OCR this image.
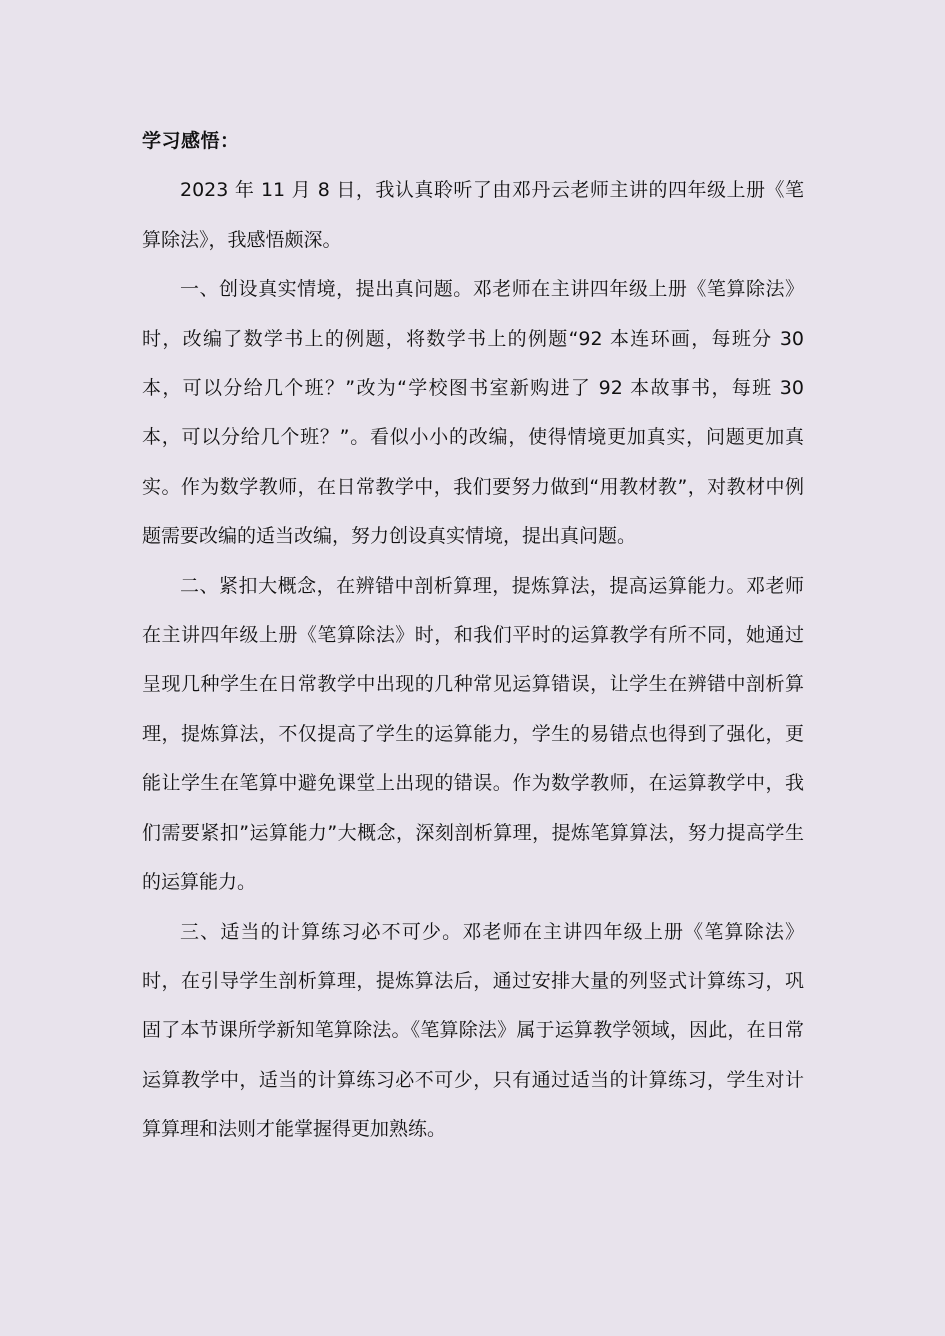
学习感悟：

2023 年 11 月 8 日，我认真聆听了由邓丹云老师主讲的四年级上册《笔算除法》，我感悟颇深。

一、创设真实情境，提出真问题。邓老师在主讲四年级上册《笔算除法》时，改编了数学书上的例题，将数学书上的例题“92 本连环画，每班分 30 本，可以分给几个班？”改为“学校图书室新购进了 92 本故事书，每班 30 本，可以分给几个班？”。看似小小的改编，使得情境更加真实，问题更加真实。作为数学教师，在日常教学中，我们要努力做到“用教材教”，对教材中例题需要改编的适当改编，努力创设真实情境，提出真问题。

二、紧扣大概念，在辨错中剖析算理，提炼算法，提高运算能力。邓老师在主讲四年级上册《笔算除法》时，和我们平时的运算教学有所不同，她通过呈现几种学生在日常教学中出现的几种常见运算错误，让学生在辨错中剖析算理，提炼算法，不仅提高了学生的运算能力，学生的易错点也得到了强化，更能让学生在笔算中避免课堂上出现的错误。作为数学教师，在运算教学中，我们需要紧扣”运算能力”大概念，深刻剖析算理，提炼笔算算法，努力提高学生的运算能力。

三、适当的计算练习必不可少。邓老师在主讲四年级上册《笔算除法》时，在引导学生剖析算理，提炼算法后，通过安排大量的列竖式计算练习，巩固了本节课所学新知笔算除法。《笔算除法》属于运算教学领域，因此，在日常运算教学中，适当的计算练习必不可少，只有通过适当的计算练习，学生对计算算理和法则才能掌握得更加熟练。
